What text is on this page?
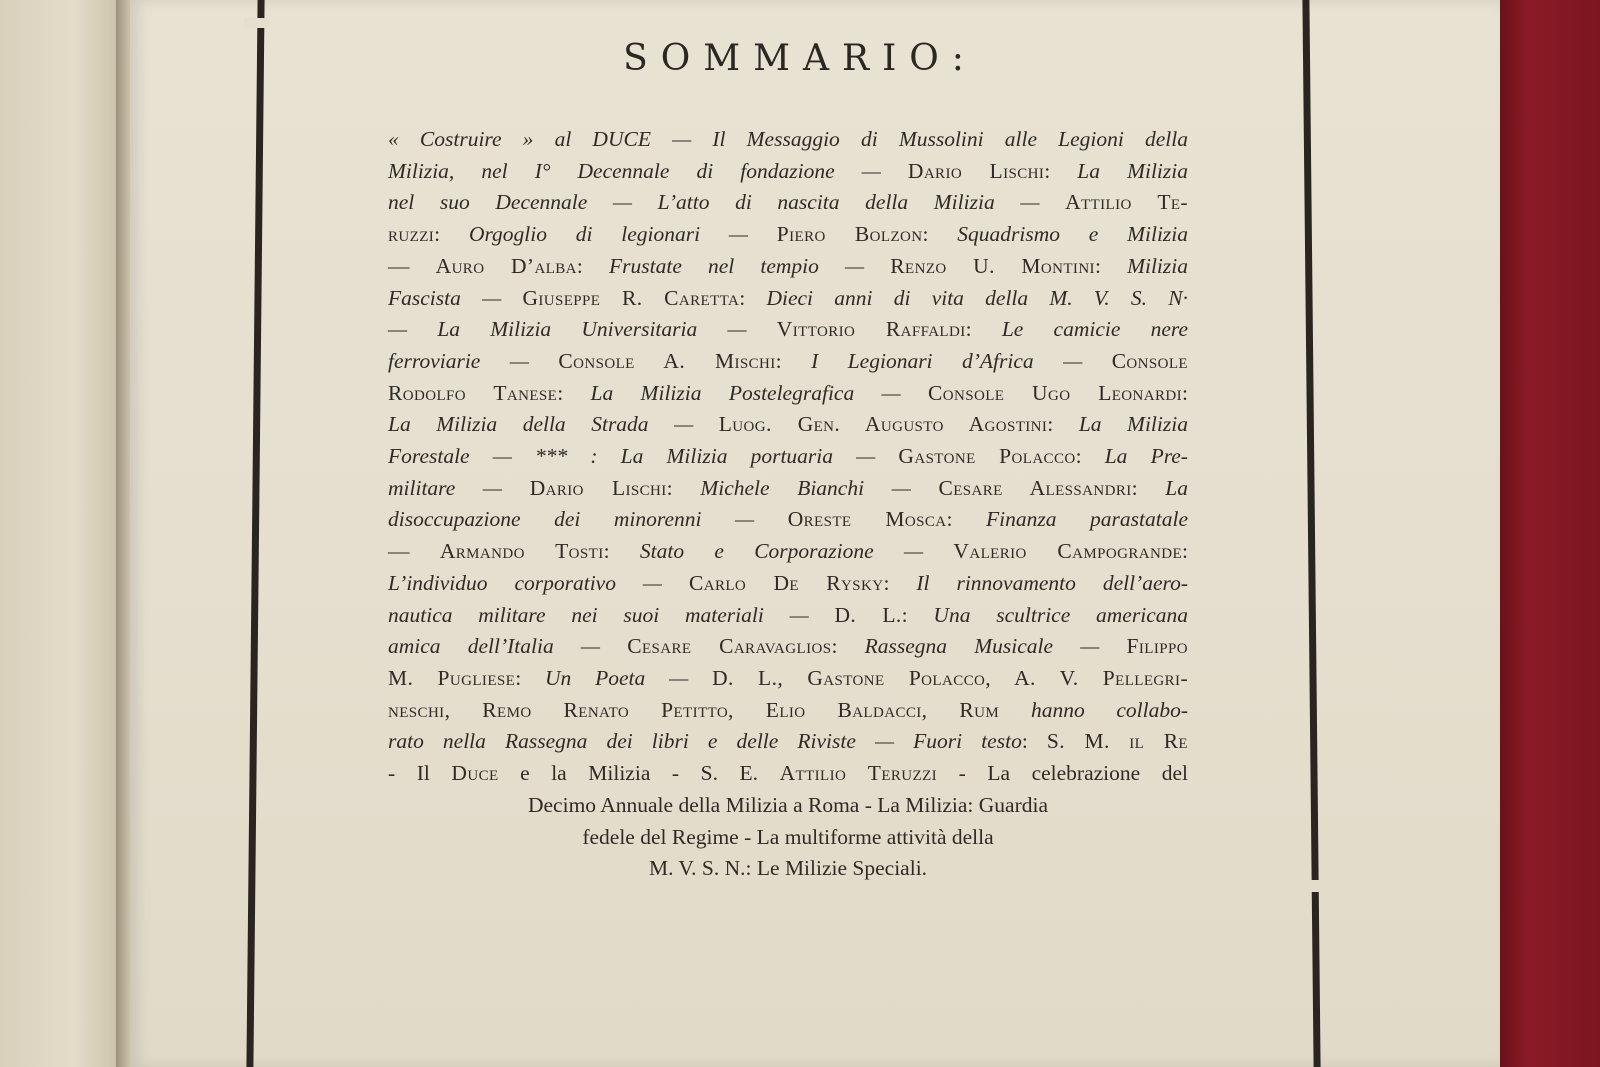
SOMMARIO:

« Costruire » al DUCE — Il Messaggio di Mussolini alle Legioni della

Milizia, nel I° Decennale di fondazione — Dario Lischi: La Milizia

nel suo Decennale — L’atto di nascita della Milizia — Attilio Te-

ruzzi: Orgoglio di legionari — Piero Bolzon: Squadrismo e Milizia

— Auro D’alba: Frustate nel tempio — Renzo U. Montini: Milizia

Fascista — Giuseppe R. Caretta: Dieci anni di vita della M. V. S. N·

— La Milizia Universitaria — Vittorio Raffaldi: Le camicie nere

ferroviarie — Console A. Mischi: I Legionari d’Africa — Console

Rodolfo Tanese: La Milizia Postelegrafica — Console Ugo Leonardi:

La Milizia della Strada — Luog. Gen. Augusto Agostini: La Milizia

Forestale — *** : La Milizia portuaria — Gastone Polacco: La Pre-

militare — Dario Lischi: Michele Bianchi — Cesare Alessandri: La

disoccupazione dei minorenni — Oreste Mosca: Finanza parastatale

— Armando Tosti: Stato e Corporazione — Valerio Campogrande:

L’individuo corporativo — Carlo De Rysky: Il rinnovamento dell’aero-

nautica militare nei suoi materiali — D. L.: Una scultrice americana

amica dell’Italia — Cesare Caravaglios: Rassegna Musicale — Filippo

M. Pugliese: Un Poeta — D. L., Gastone Polacco, A. V. Pellegri-

neschi, Remo Renato Petitto, Elio Baldacci, Rum hanno collabo-

rato nella Rassegna dei libri e delle Riviste — Fuori testo: S. M. il Re

- Il Duce e la Milizia - S. E. Attilio Teruzzi - La celebrazione del

Decimo Annuale della Milizia a Roma - La Milizia: Guardia
fedele del Regime - La multiforme attività della
M. V. S. N.: Le Milizie Speciali.
